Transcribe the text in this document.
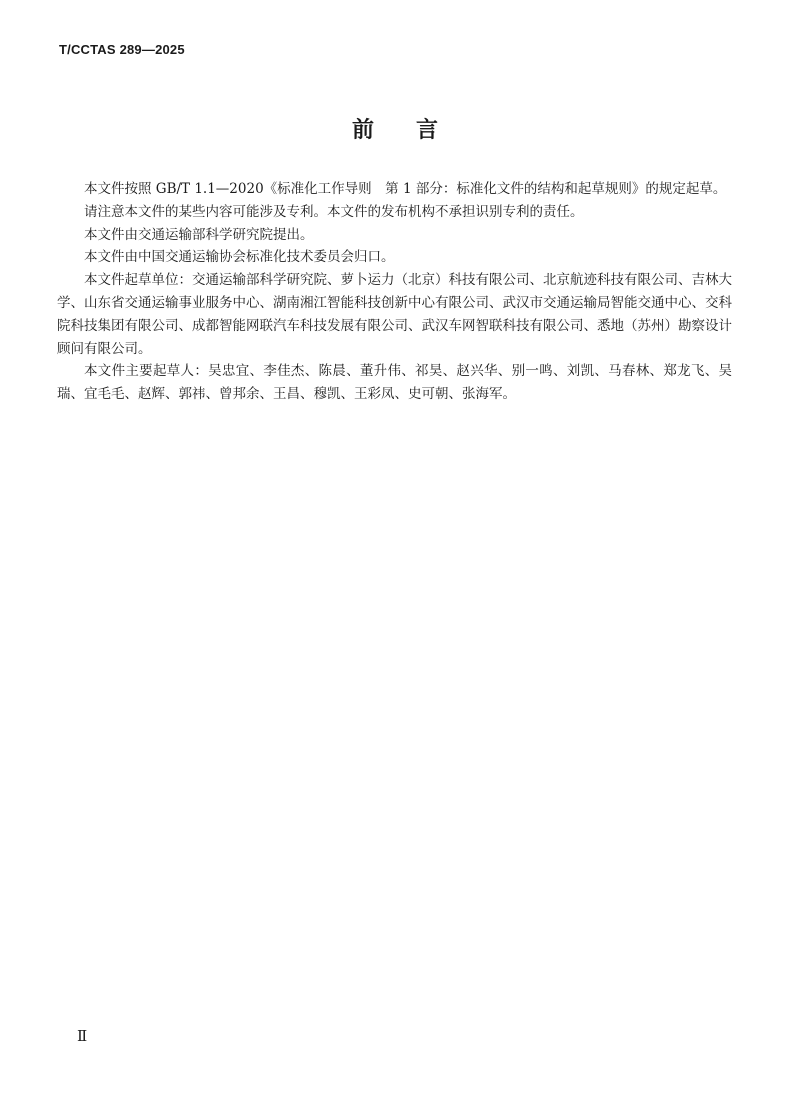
T/CCTAS 289—2025
前言

本文件按照 GB/T 1.1—2020《标准化工作导则　第 1 部分：标准化文件的结构和起草规则》的规定起草。

请注意本文件的某些内容可能涉及专利。本文件的发布机构不承担识别专利的责任。

本文件由交通运输部科学研究院提出。

本文件由中国交通运输协会标准化技术委员会归口。

本文件起草单位：交通运输部科学研究院、萝卜运力（北京）科技有限公司、北京航迹科技有限公司、吉林大学、山东省交通运输事业服务中心、湖南湘江智能科技创新中心有限公司、武汉市交通运输局智能交通中心、交科院科技集团有限公司、成都智能网联汽车科技发展有限公司、武汉车网智联科技有限公司、悉地（苏州）勘察设计顾问有限公司。

本文件主要起草人：吴忠宜、李佳杰、陈晨、董升伟、祁昊、赵兴华、别一鸣、刘凯、马春林、郑龙飞、吴瑞、宜毛毛、赵辉、郭祎、曾邦余、王昌、穆凯、王彩凤、史可朝、张海军。

Ⅱ
